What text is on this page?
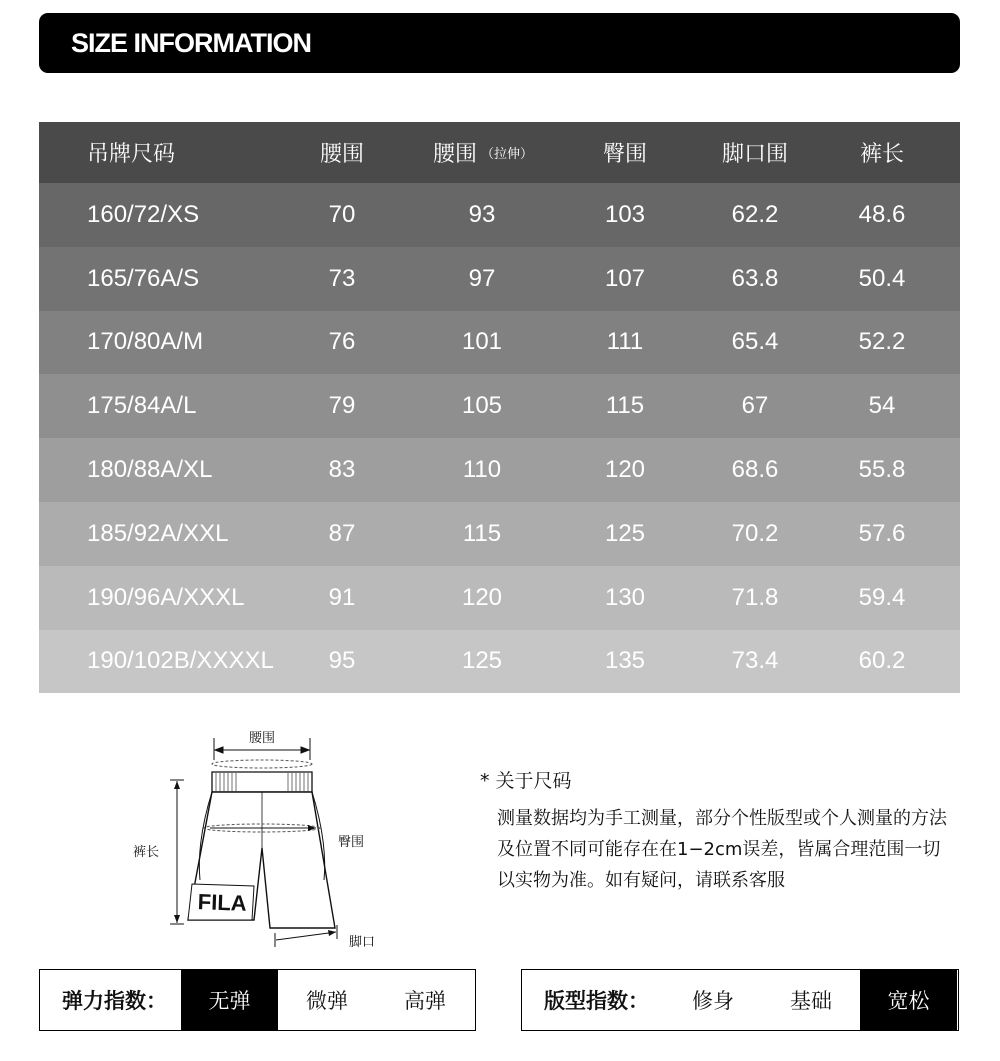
SIZE INFORMATION
吊牌尺码	腰围	腰围 （拉伸）	臀围	脚口围	裤长
160/72/XS	70	93	103	62.2	48.6
165/76A/S	73	97	107	63.8	50.4
170/80A/M	76	101	111	65.4	52.2
175/84A/L	79	105	115	67	54
180/88A/XL	83	110	120	68.6	55.8
185/92A/XXL	87	115	125	70.2	57.6
190/96A/XXXL	91	120	130	71.8	59.4
190/102B/XXXXL	95	125	135	73.4	60.2
腰围
臀围
FILA
裤长
脚口
* 关于尺码
测量数据均为手工测量，部分个性版型或个人测量的方法及位置不同可能存在在1−2cm误差，皆属合理范围一切以实物为准。如有疑问，请联系客服
弹力指数：	无弹	微弹	高弹	版型指数：	修身	基础	宽松
